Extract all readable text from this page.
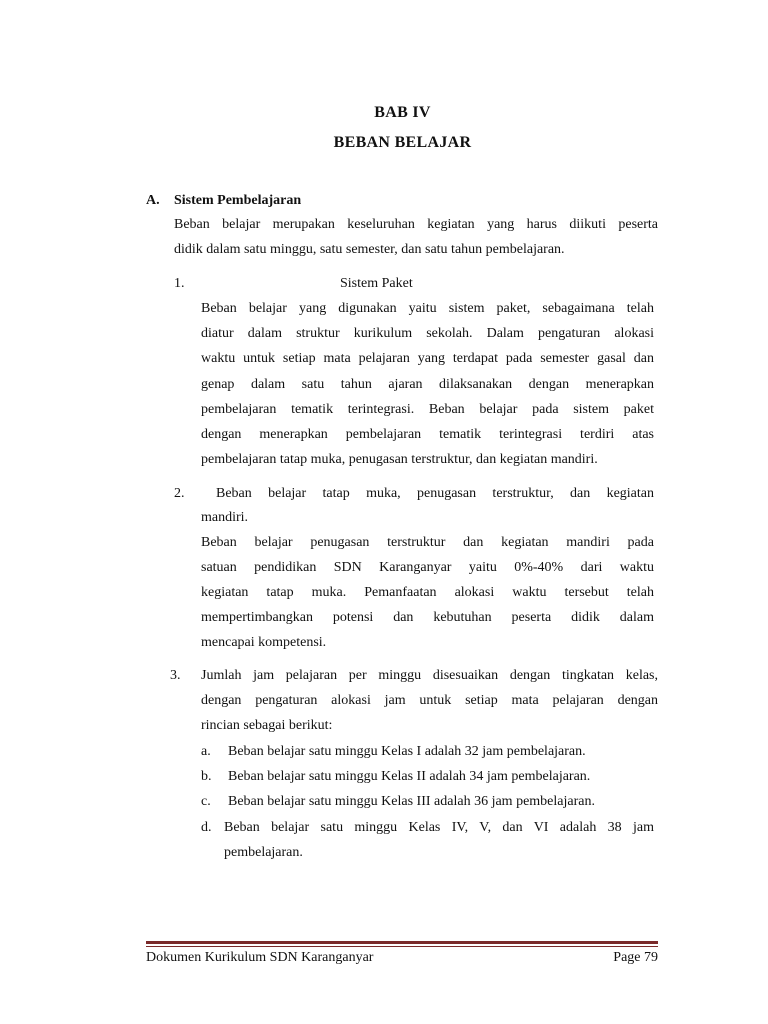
BAB IV
BEBAN BELAJAR
A. Sistem Pembelajaran
Beban belajar merupakan keseluruhan kegiatan yang harus diikuti peserta
didik dalam satu minggu, satu semester, dan satu tahun pembelajaran.
1.	Sistem Paket
Beban belajar yang digunakan yaitu sistem paket, sebagaimana telah
diatur dalam struktur kurikulum sekolah. Dalam pengaturan alokasi
waktu untuk setiap mata pelajaran yang terdapat pada semester gasal dan
genap dalam satu tahun ajaran dilaksanakan dengan menerapkan
pembelajaran tematik terintegrasi. Beban belajar pada sistem paket
dengan menerapkan pembelajaran tematik terintegrasi terdiri atas
pembelajaran tatap muka, penugasan terstruktur, dan kegiatan mandiri.
2. Beban belajar tatap muka, penugasan terstruktur, dan kegiatan
mandiri.
Beban belajar penugasan terstruktur dan kegiatan mandiri pada
satuan pendidikan SDN Karanganyar yaitu 0%-40% dari waktu
kegiatan tatap muka. Pemanfaatan alokasi waktu tersebut telah
mempertimbangkan potensi dan kebutuhan peserta didik dalam
mencapai kompetensi.
3. Jumlah jam pelajaran per minggu disesuaikan dengan tingkatan kelas,
dengan pengaturan alokasi jam untuk setiap mata pelajaran dengan
rincian sebagai berikut:
a. Beban belajar satu minggu Kelas I adalah 32 jam pembelajaran.
b. Beban belajar satu minggu Kelas II adalah 34 jam pembelajaran.
c. Beban belajar satu minggu Kelas III adalah 36 jam pembelajaran.
d. Beban belajar satu minggu Kelas IV, V, dan VI adalah 38 jam
pembelajaran.
Dokumen Kurikulum SDN Karanganyar	Page 79
